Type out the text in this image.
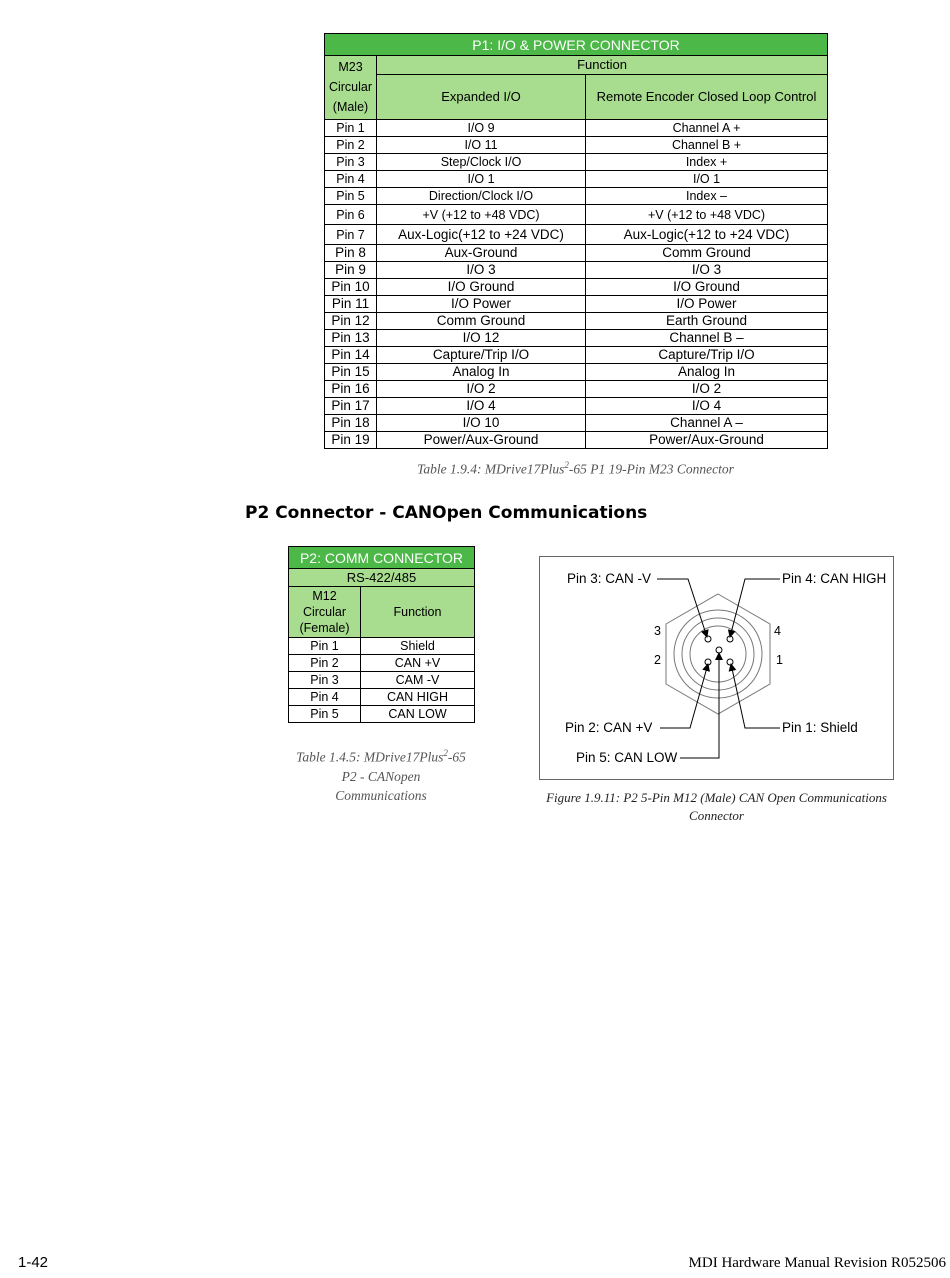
P1: I/O & POWER CONNECTOR		
M23
Circular
(Male)	Function	
	Expanded I/O	Remote Encoder Closed Loop Control
Pin 1	I/O 9	Channel A +
Pin 2	I/O 11	Channel B +
Pin 3	Step/Clock I/O	Index +
Pin 4	I/O 1	I/O 1
Pin 5	Direction/Clock I/O	Index –
Pin 6	+V (+12 to +48 VDC)	+V (+12 to +48 VDC)
Pin 7	Aux-Logic(+12 to +24 VDC)	Aux-Logic(+12 to +24 VDC)
Pin 8	Aux-Ground	Comm Ground
Pin 9	I/O 3	I/O 3
Pin 10	I/O Ground	I/O Ground
Pin 11	I/O Power	I/O Power
Pin 12	Comm Ground	Earth Ground
Pin 13	I/O 12	Channel B –
Pin 14	Capture/Trip I/O	Capture/Trip I/O
Pin 15	Analog In	Analog In
Pin 16	I/O 2	I/O 2
Pin 17	I/O 4	I/O 4
Pin 18	I/O 10	Channel A –
Pin 19	Power/Aux-Ground	Power/Aux-Ground
Table 1.9.4: MDrive17Plus$^2$-65 P1 19-Pin M23 Connector
P2 Connector - CANOpen Communications
P2: COMM CONNECTOR	
RS-422/485	
M12
Circular
(Female)	Function
Pin 1	Shield
Pin 2	CAN +V
Pin 3	CAM -V
Pin 4	CAN HIGH
Pin 5	CAN LOW
Table 1.4.5: MDrive17Plus$^2$-65
P2 - CANopen
Communications
Pin 3: CAN -V	Pin 4: CAN HIGH
Pin 2: CAN +V	Pin 1: Shield
Pin 5: CAN LOW
3	4
2	1
Figure 1.9.11: P2 5-Pin M12 (Male) CAN Open Communications
Connector
1-42	MDI Hardware Manual Revision R052506
